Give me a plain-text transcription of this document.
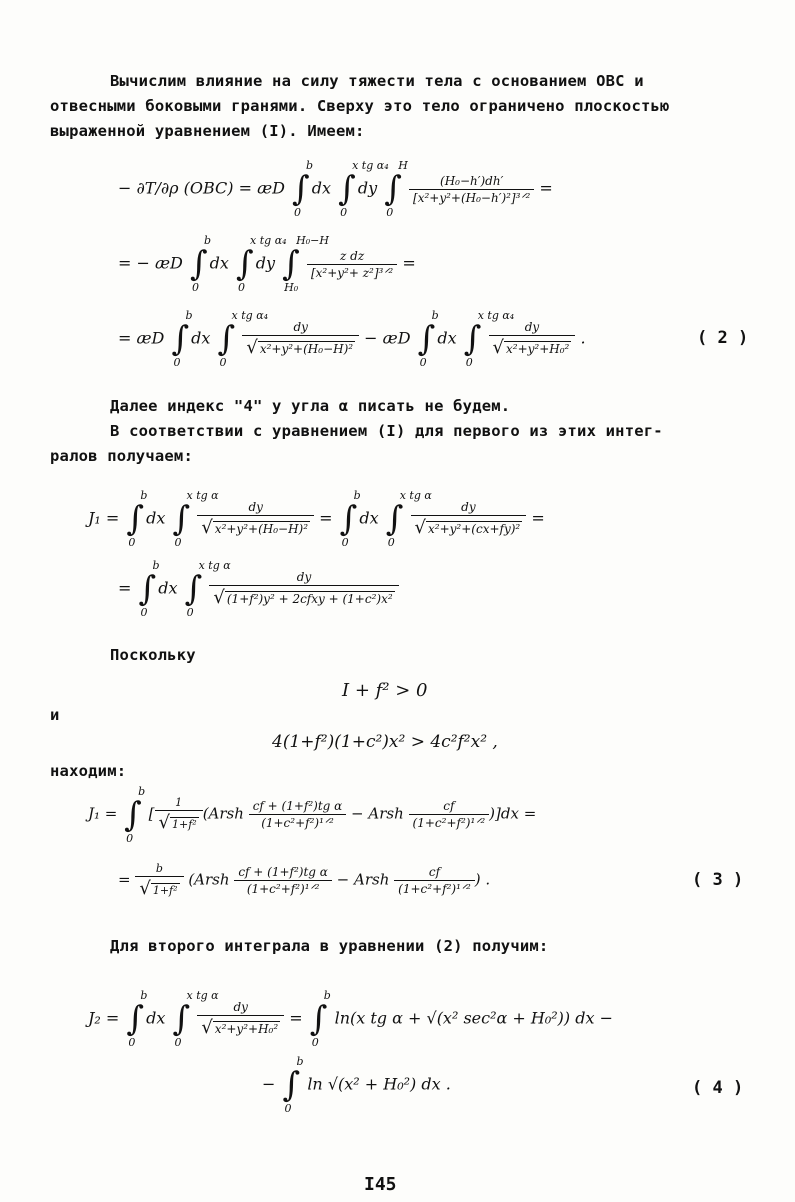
Вычислим влияние на силу тяжести тела с основанием ОВС и
отвесными боковыми гранями. Сверху это тело ограничено плоскостью
выраженной уравнением (I). Имеем:
− ∂T/∂ρ (OBC) = æD ∫
b
0
dx ∫
x tg α₄
0
dy ∫
H
0

$\frac{\text{(H₀−h′)dh′}}{\text{[x²+y²+(H₀−h′)²]³ᐟ²}}$ =
= − æD ∫
b
0
dx ∫
x tg α₄
0
dy ∫
H₀−H
H₀

$\frac{\text{z dz}}{\text{[x²+y²+ z²]³ᐟ²}}$ =
= æD ∫
b
0
dx ∫
x tg α₄
0

$\frac{dy}{\text{√ x²+y²+(H₀−H)²}}$ − æD ∫
b
0
dx ∫
x tg α₄
0

$\frac{dy}{\text{√ x²+y²+H₀²}}$ .	( 2 )
Далее индекс "4" у угла α писать не будем.
В соответствии с уравнением (I) для первого из этих интег-
ралов получаем:
J₁ = ∫
b
0
dx ∫
x tg α
0

$\frac{dy}{\text{√ x²+y²+(H₀−H)²}}$ = ∫
b
0
dx ∫
x tg α
0

$\frac{dy}{\text{√ x²+y²+(cx+fy)²}}$ =
= ∫
b
0
dx ∫
x tg α
0

$\frac{dy}{\text{√ (1+f²)y² + 2cfxy + (1+c²)x²}}$
Поскольку
I + f² > 0
и
4(1+f²)(1+c²)x² > 4c²f²x² ,
находим:
J₁ = ∫
b
0
[ $\frac{1}{\text{√ 1+f²}}$ (Arsh $\frac{\text{cf + (1+f²)tg α}}{\text{(1+c²+f²)¹ᐟ²}}$ − Arsh $\frac{cf}{\text{(1+c²+f²)¹ᐟ²}} )]dx$ =
= $\frac{b}{\text{√ 1+f²}}$ (Arsh $\frac{\text{cf + (1+f²)tg α}}{\text{(1+c²+f²)¹ᐟ²}}$ − Arsh $\frac{cf}{\text{(1+c²+f²)¹ᐟ²}}$ ) .	( 3 )
Для второго интеграла в уравнении (2) получим:
J₂ = ∫
b
0
dx ∫
x tg α
0

$\frac{dy}{\text{√ x²+y²+H₀²}}$ = ∫
b
0
ln(x tg α + √(x² sec²α + H₀²)) dx −
− ∫
b
0
ln √(x² + H₀²) dx .	( 4 )
I45
